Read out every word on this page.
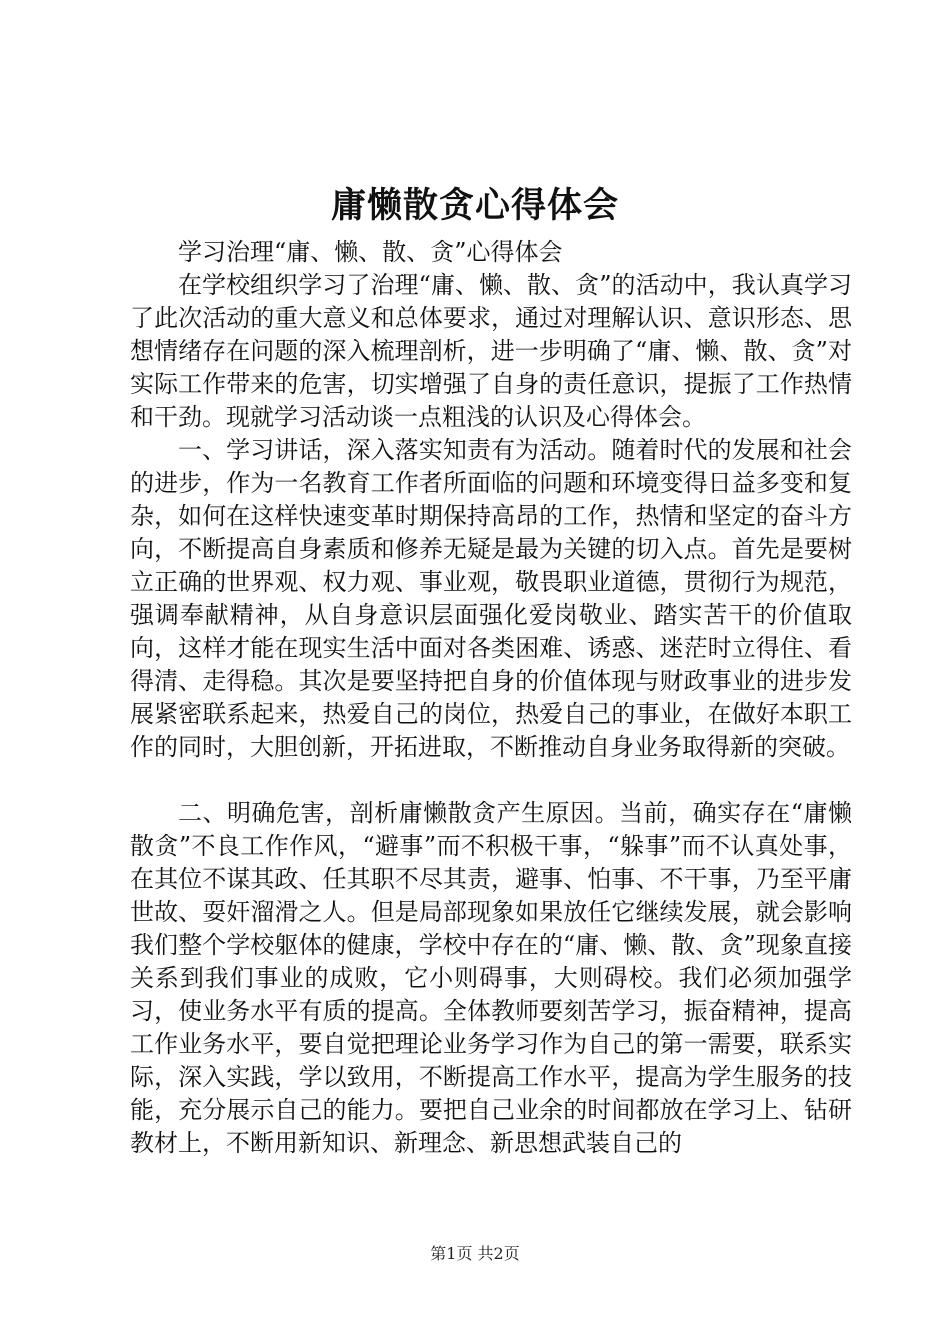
庸懒散贪心得体会

学习治理“庸、懒、散、贪”心得体会

在学校组织学习了治理“庸、懒、散、贪”的活动中，我认真学习了此次活动的重大意义和总体要求，通过对理解认识、意识形态、思想情绪存在问题的深入梳理剖析，进一步明确了“庸、懒、散、贪”对实际工作带来的危害，切实增强了自身的责任意识，提振了工作热情和干劲。现就学习活动谈一点粗浅的认识及心得体会。

一、学习讲话，深入落实知责有为活动。随着时代的发展和社会的进步，作为一名教育工作者所面临的问题和环境变得日益多变和复杂，如何在这样快速变革时期保持高昂的工作，热情和坚定的奋斗方向，不断提高自身素质和修养无疑是最为关键的切入点。首先是要树立正确的世界观、权力观、事业观，敬畏职业道德，贯彻行为规范，强调奉献精神，从自身意识层面强化爱岗敬业、踏实苦干的价值取向，这样才能在现实生活中面对各类困难、诱惑、迷茫时立得住、看得清、走得稳。其次是要坚持把自身的价值体现与财政事业的进步发展紧密联系起来，热爱自己的岗位，热爱自己的事业，在做好本职工作的同时，大胆创新，开拓进取，不断推动自身业务取得新的突破。

二、明确危害，剖析庸懒散贪产生原因。当前，确实存在“庸懒散贪”不良工作作风，“避事”而不积极干事，“躲事”而不认真处事，在其位不谋其政、任其职不尽其责，避事、怕事、不干事，乃至平庸世故、耍奸溜滑之人。但是局部现象如果放任它继续发展，就会影响我们整个学校躯体的健康，学校中存在的“庸、懒、散、贪”现象直接关系到我们事业的成败，它小则碍事，大则碍校。我们必须加强学习，使业务水平有质的提高。全体教师要刻苦学习，振奋精神，提高工作业务水平，要自觉把理论业务学习作为自己的第一需要，联系实际，深入实践，学以致用，不断提高工作水平，提高为学生服务的技能，充分展示自己的能力。要把自己业余的时间都放在学习上、钻研教材上，不断用新知识、新理念、新思想武装自己的

第1页 共2页
